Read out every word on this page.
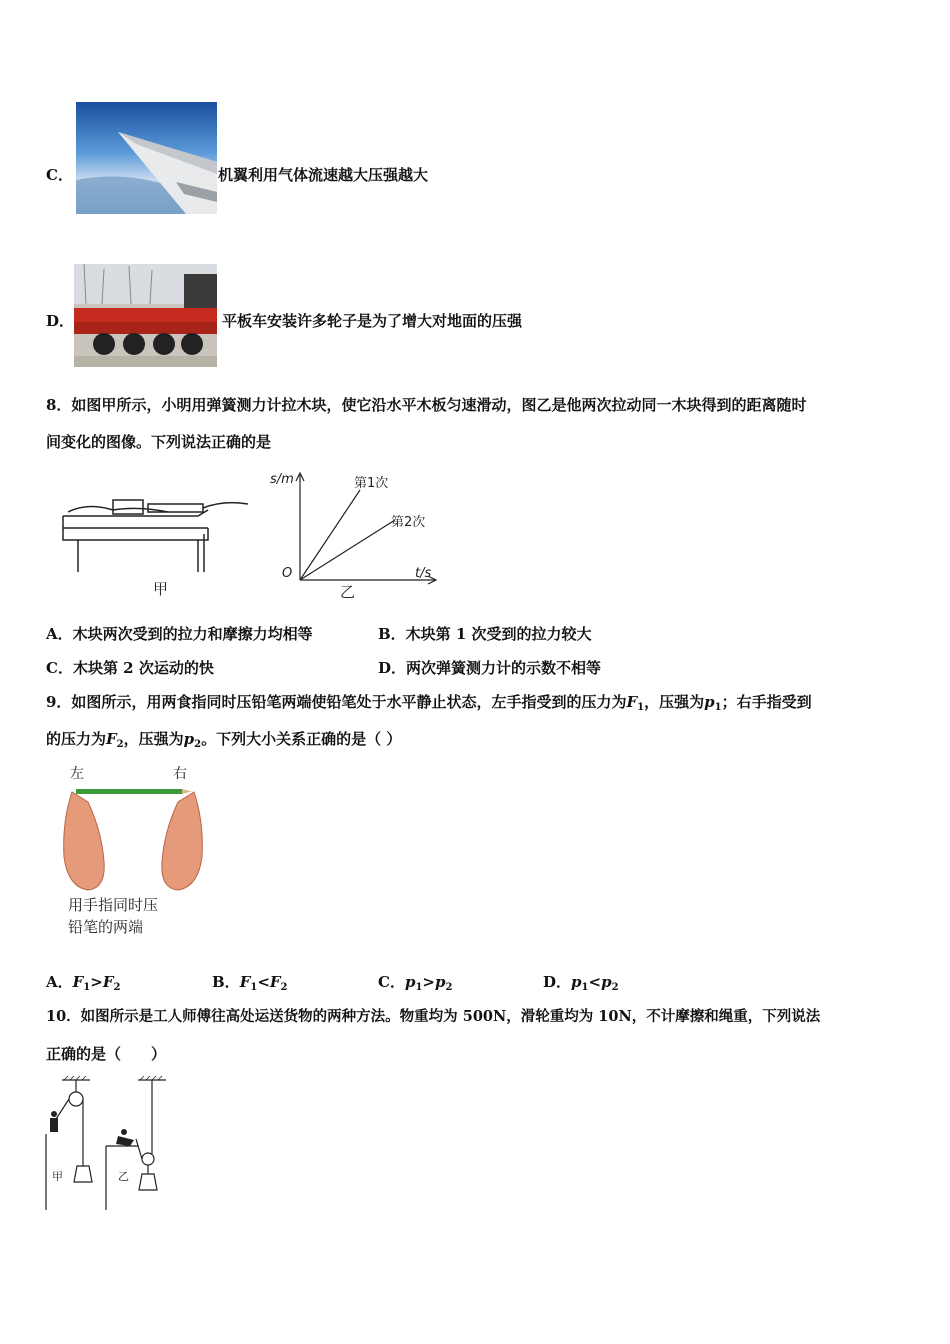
C．	机翼利用气体流速越大压强越大
D．	平板车安装许多轮子是为了增大对地面的压强
8．如图甲所示，小明用弹簧测力计拉木块，使它沿水平木板匀速滑动，图乙是他两次拉动同一木块得到的距离随时
间变化的图像。下列说法正确的是
甲
s/m
t/s
O
第1次
第2次
乙
A．木块两次受到的拉力和摩擦力均相等	B．木块第 1 次受到的拉力较大
C．木块第 2 次运动的快	D．两次弹簧测力计的示数不相等
9．如图所示，用两食指同时压铅笔两端使铅笔处于水平静止状态，左手指受到的压力为$F_1$，压强为$p_1$；右手指受到
的压力为$F_2$，压强为$p_2$。下列大小关系正确的是（ ）
左	右
用手指同时压
铅笔的两端
A．$F_1>F_2$	B．$F_1<F_2$	C．$p_1>p_2$	D．$p_1<p_2$
10．如图所示是工人师傅往高处运送货物的两种方法。物重均为 500N，滑轮重均为 10N，不计摩擦和绳重，下列说法
正确的是（　　）
甲	乙
